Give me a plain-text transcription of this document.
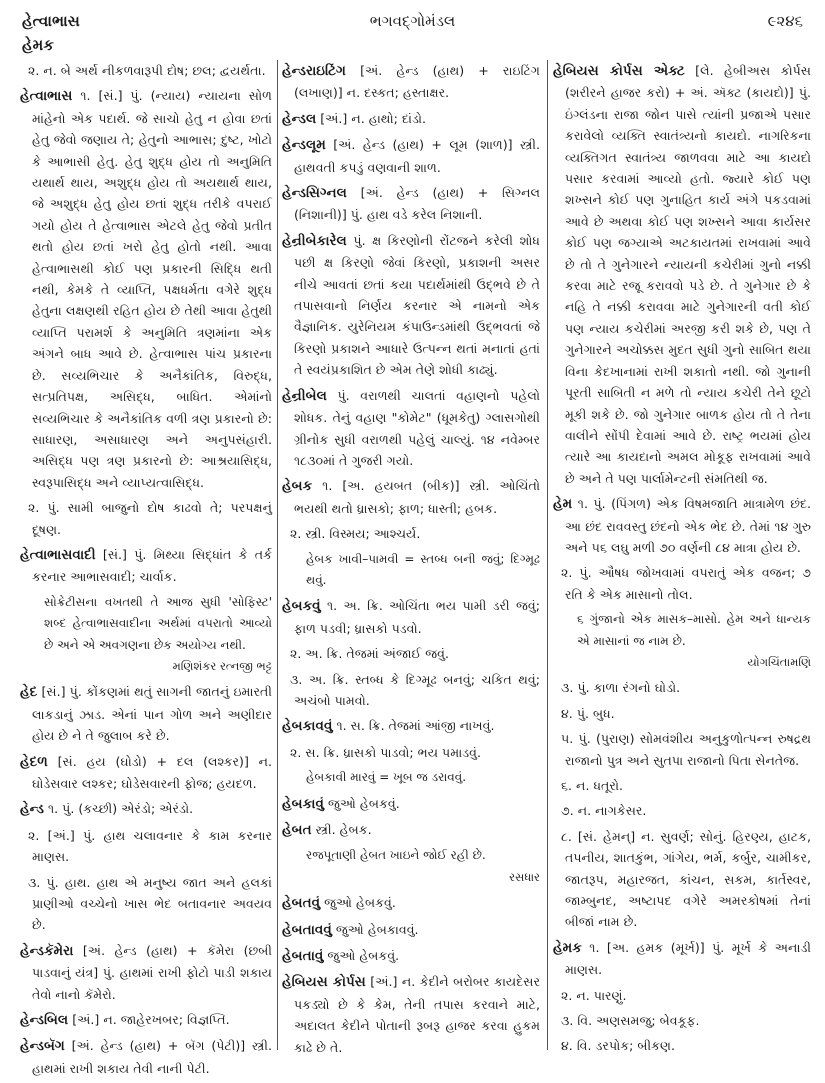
હેત્વાભાસ
હેમક
ભગવદ્ગોમંડલ	૯૨૪૬

૨. ન. બે અર્થ નીકળવારૂપી દોષ; છલ; દ્વયર્થતા.

હેત્વાભાસ ૧. [સં.] પું. (ન્યાય) ન્યાયના સોળ માંહેનો એક પદાર્થ. જે સાચો હેતુ ન હોવા છતાં હેતુ જેવો જણાય તે; હેતુનો આભાસ; દુષ્ટ, ખોટો કે આભાસી હેતુ. હેતુ શુદ્ધ હોય તો અનુમિતિ યથાર્થ થાય, અશુદ્ધ હોય તો અયથાર્થ થાય, જે અશુદ્ધ હેતુ હોય છતાં શુદ્ધ તરીકે વપરાઈ ગયો હોય તે હેત્વાભાસ એટલે હેતુ જેવો પ્રતીત થતો હોય છતાં ખરો હેતુ હોતો નથી. આવા હેત્વાભાસથી કોઈ પણ પ્રકારની સિદ્ધિ થતી નથી, કેમકે તે વ્યાપ્તિ, પક્ષધર્મતા વગેરે શુદ્ધ હેતુના લક્ષણથી રહિત હોય છે તેથી આવા હેતુથી વ્યાપ્તિ પરામર્શ કે અનુમિતિ ત્રણમાંના એક અંગને બાધ આવે છે. હેત્વાભાસ પાંચ પ્રકારના છે. સવ્યભિચાર કે અનૈકાંતિક, વિરુદ્ધ, સત્પ્રતિપક્ષ, અસિદ્ધ, બાધિત. એમાંનો સવ્યભિચાર કે અનૈકાંતિક વળી ત્રણ પ્રકારનો છે: સાધારણ, અસાધારણ અને અનુપસંહારી. અસિદ્ધ પણ ત્રણ પ્રકારનો છે: આશ્રયાસિદ્ધ, સ્વરૂપાસિદ્ધ અને વ્યાપ્યત્વાસિદ્ધ.

૨. પું. સામી બાજુનો દોષ કાઢવો તે; પરપક્ષનું દૂષણ.

હેત્વાભાસવાદી [સં.] પું. મિથ્યા સિદ્ધાંત કે તર્ક કરનાર આભાસવાદી; ચાર્વાક.

સોક્રેટીસના વખતથી તે આજ સુધી 'સોફિસ્ટ' શબ્દ હેત્વાભાસવાદીના અર્થમાં વપરાતો આવ્યો છે અને એ અવગણના છેક અયોગ્ય નથી.
મણિશંકર રત્નજી ભટ્ટ

હેદ [સં.] પું. કોંકણમાં થતું સાગની જાતનું ઇમારતી લાકડાનું ઝાડ. એનાં પાન ગોળ અને અણીદાર હોય છે ને તે જુલાબ કરે છે.

હેદળ [સં. હય (ઘોડો) + દલ (લશ્કર)] ન. ઘોડેસવાર લશ્કર; ઘોડેસવારની ફોજ; હયદળ.

હેન્ડ ૧. પું. (કચ્છી) એરંડો; એરંડો.

૨. [અં.] પું. હાથ ચલાવનાર કે કામ કરનાર માણસ.

૩. પું. હાથ. હાથ એ મનુષ્ય જાત અને હલકાં પ્રાણીઓ વચ્ચેનો ખાસ ભેદ બતાવનાર અવયવ છે.

હેન્ડકૅમેરા [અં. હેન્ડ (હાથ) + કૅમેરા (છબી પાડવાનું યંત્ર] પું. હાથમાં રાખી ફોટો પાડી શકાય તેવો નાનો કૅમેરો.

હેન્ડબિલ [અં.] ન. જાહેરખબર; વિજ્ઞપ્તિ.

હેન્ડબૅગ [અં. હેન્ડ (હાથ) + બૅગ (પેટી)] સ્ત્રી. હાથમાં રાખી શકાય તેવી નાની પેટી.

હેન્ડરાઇટિંગ [અં. હેન્ડ (હાથ) + રાઇટિંગ (લખાણ)] ન. દસ્કત; હસ્તાક્ષર.

હેન્ડલ [અં.] ન. હાથો; દાંડો.

હેન્ડલૂમ [અં. હેન્ડ (હાથ) + લૂમ (શાળ)] સ્ત્રી. હાથવતી કપડું વણવાની શાળ.

હેન્ડસિગ્નલ [અં. હેન્ડ (હાથ) + સિગ્નલ (નિશાની)] પું. હાથ વડે કરેલ નિશાની.

હેન્રીબેકારેલ પું. ક્ષ કિરણોની રોંટજને કરેલી શોધ પછી ક્ષ કિરણો જેવાં કિરણો, પ્રકાશની અસર નીચે આવતાં છતાં કયા પદાર્થમાંથી ઉદ્ભવે છે તે તપાસવાનો નિર્ણય કરનાર એ નામનો એક વૈજ્ઞાનિક. યુરેનિયમ કંપાઉન્ડમાંથી ઉદ્ભવતાં જે કિરણો પ્રકાશને આધારે ઉત્પન્ન થતાં મનાતાં હતાં તે સ્વયંપ્રકાશિત છે એમ તેણે શોધી કાઢ્યું.

હેન્રીબેલ પું. વરાળથી ચાલતાં વહાણનો પહેલો શોધક. તેનું વહાણ "કોમેટ" (ધૂમકેતુ) ગ્લાસગોથી ગ્રીનોક સુધી વરાળથી પહેલું ચાલ્યું. ૧૪ નવેમ્બર ૧૮૩૦માં તે ગુજરી ગયો.

હેબક ૧. [અ. હયબત (બીક)] સ્ત્રી. ઓચિંતો ભયથી થતો ધ્રાસકો; ફાળ; ધાસ્તી; હબક.

૨. સ્ત્રી. વિસ્મય; આશ્ચર્ય.

હેબક ખાવી–પામવી = સ્તબ્ધ બની જવું; દિગ્મૂઢ થવું.

હેબકવું ૧. અ. ક્રિ. ઓચિંતા ભય પામી ડરી જવું; ફાળ પડવી; ધ્રાસકો પડવો.

૨. અ. ક્રિ. તેજમાં અંજાઈ જવું.

૩. અ. ક્રિ. સ્તબ્ધ કે દિગ્મૂઢ બનવું; ચકિત થવું; અચંબો પામવો.

હેબકાવવું ૧. સ. ક્રિ. તેજમાં આંજી નાખવું.

૨. સ. ક્રિ. ધ્રાસકો પાડવો; ભય પમાડવું.

હેબકાવી મારવું = ખૂબ જ ડરાવવું.

હેબકાવું જુઓ હેબકવું.

હેબત સ્ત્રી. હેબક.

રજપૂતાણી હેબત ખાઇને જોઈ રહી છે.
રસધાર

હેબતવું જુઓ હેબકવું.

હેબતાવવું જુઓ હેબકાવવું.

હેબતાવું જુઓ હેબકવું.

હેબિયસ કોર્પસ [અં.] ન. કેદીને બરોબર કાયદેસર પકડ્યો છે કે કેમ, તેની તપાસ કરવાને માટે, અદાલત કેદીને પોતાની રૂબરૂ હાજર કરવા હુકમ કાઢે છે તે.

હેબિયસ કોર્પસ એક્ટ [લે. હેબીઅસ કોર્પસ (શરીરને હાજર કરો) + અં. ઍક્ટ (કાયદો)] પું. ઇંગ્લંડના રાજા જોન પાસે ત્યાંની પ્રજાએ પસાર કરાવેલો વ્યક્તિ સ્વાતંત્ર્યનો કાયદો. નાગરિકના વ્યક્તિગત સ્વાતંત્ર્ય જાળવવા માટે આ કાયદો પસાર કરવામાં આવ્યો હતો. જ્યારે કોઈ પણ શખ્સને કોઈ પણ ગુનાહિત કાર્ય અંગે પકડવામાં આવે છે અથવા કોઈ પણ શખ્સને આવા કાર્યસર કોઈ પણ જગ્યાએ અટકાયતમાં રાખવામાં આવે છે તો તે ગુનેગારને ન્યાયની કચેરીમાં ગુનો નક્કી કરવા માટે રજૂ કરાવવો પડે છે. તે ગુનેગાર છે કે નહિ તે નક્કી કરાવવા માટે ગુનેગારની વતી કોઈ પણ ન્યાય કચેરીમાં અરજી કરી શકે છે, પણ તે ગુનેગારને અચોક્કસ મુદત સુધી ગુનો સાબિત થયા વિના કેદખાનામાં રાખી શકાતો નથી. જો ગુનાની પૂરતી સાબિતી ન મળે તો ન્યાય કચેરી તેને છૂટો મૂકી શકે છે. જો ગુનેગાર બાળક હોય તો તે તેના વાલીને સોંપી દેવામાં આવે છે. રાષ્ટ્ર ભયમાં હોય ત્યારે આ કાયદાનો અમલ મોકૂફ રાખવામાં આવે છે અને તે પણ પાર્લામેન્ટની સંમતિથી જ.

હેમ ૧. પું. (પિંગળ) એક વિષમજાતિ માત્રામેળ છંદ. આ છંદ રાવવસ્તુ છંદનો એક ભેદ છે. તેમાં ૧૪ ગુરુ અને ૫૬ લઘુ મળી ૭૦ વર્ણની ૮૪ માત્રા હોય છે.

૨. પું. ઔષધ જોખવામાં વપરાતું એક વજન; ૭ રતિ કે એક માસાનો તોલ.

૬ ગુંજાનો એક માસક–માસો. હેમ અને ધાન્યક એ માસાનાં જ નામ છે.
યોગચિંતામણિ

૩. પું. કાળા રંગનો ઘોડો.

૪. પું. બુધ.

૫. પું. (પુરાણ) સોમવંશીય અનુકુળોત્પન્ન રુષદ્રથ રાજાનો પુત્ર અને સુતપા રાજાનો પિતા સેનતેજ.

૬. ન. ધતૂરો.

૭. ન. નાગકેસર.

૮. [સં. હેમન્] ન. સુવર્ણ; સોનું. હિરણ્ય, હાટક, તપનીય, શાતકુંભ, ગાંગેય, ભર્મ, કર્બુર, ચામીકર, જાતરૂપ, મહારજત, કાંચન, સકમ, કાર્તસ્વર, જામ્બુનદ, અષ્ટાપદ વગેરે અમરકોષમાં તેનાં બીજાં નામ છે.

હેમક ૧. [અ. હમક (મૂર્ખ)] પું. મૂર્ખ કે અનાડી માણસ.

૨. ન. પારણું.

૩. વિ. અણસમજુ; બેવકૂફ.

૪. વિ. ડરપોક; બીકણ.
